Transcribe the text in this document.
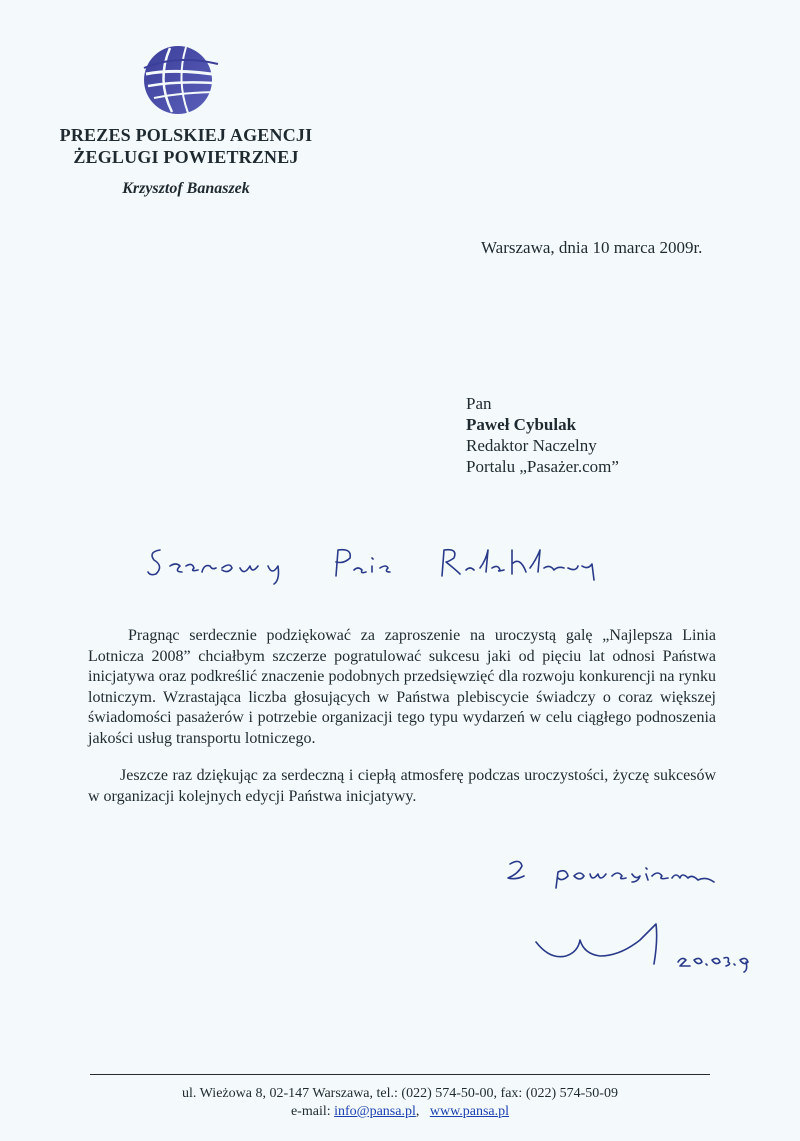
PREZES POLSKIEJ AGENCJI
ŻEGLUGI POWIETRZNEJ
Krzysztof Banaszek
Warszawa, dnia 10 marca 2009r.
Pan
Paweł Cybulak
Redaktor Naczelny
Portalu „Pasażer.com”
Pragnąc serdecznie podziękować za zaproszenie na uroczystą galę „Najlepsza Linia Lotnicza 2008” chciałbym szczerze pogratulować sukcesu jaki od pięciu lat odnosi Państwa inicjatywa oraz podkreślić znaczenie podobnych przedsięwzięć dla rozwoju konkurencji na rynku lotniczym. Wzrastająca liczba głosujących w Państwa plebiscycie świadczy o coraz większej świadomości pasażerów i potrzebie organizacji tego typu wydarzeń w celu ciągłego podnoszenia jakości usług transportu lotniczego.
Jeszcze raz dziękując za serdeczną i ciepłą atmosferę podczas uroczystości, życzę sukcesów w organizacji kolejnych edycji Państwa inicjatywy.
ul. Wieżowa 8, 02-147 Warszawa, tel.: (022) 574-50-00, fax: (022) 574-50-09
e-mail: info@pansa.pl, www.pansa.pl
